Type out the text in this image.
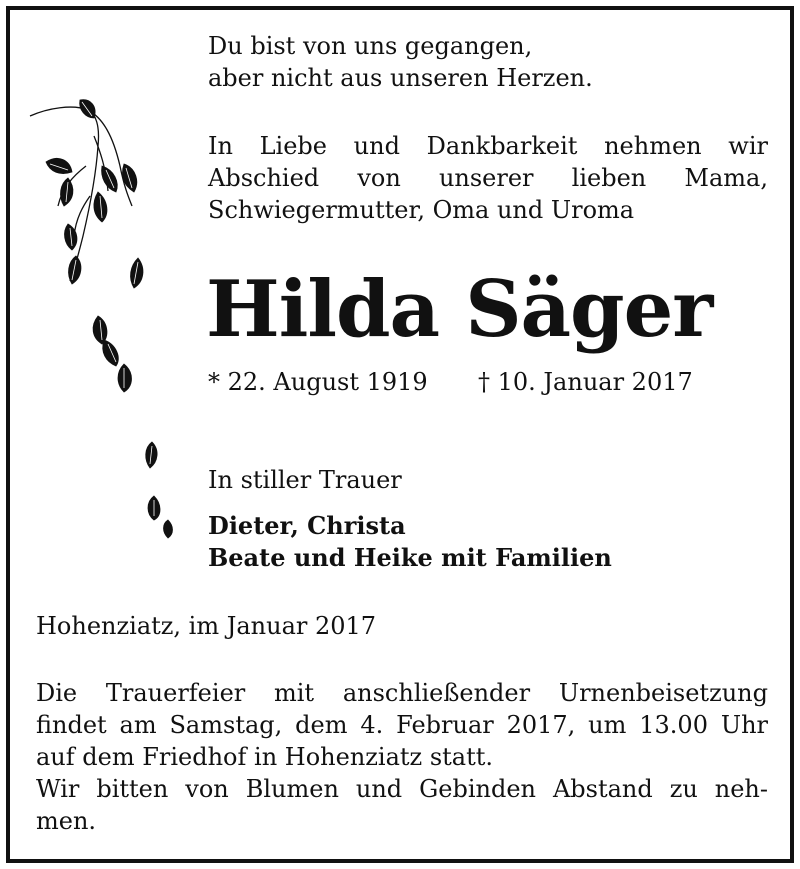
Du bist von uns gegangen,
aber nicht aus unseren Herzen.
In Liebe und Dankbarkeit nehmen wir
Abschied von unserer lieben Mama,
Schwiegermutter, Oma und Uroma
Hilda Säger
* 22. August 1919 † 10. Januar 2017
In stiller Trauer
Dieter, Christa
Beate und Heike mit Familien
Hohenziatz, im Januar 2017
Die Trauerfeier mit anschließender Urnenbeisetzung
findet am Samstag, dem 4. Februar 2017, um 13.00 Uhr
auf dem Friedhof in Hohenziatz statt.
Wir bitten von Blumen und Gebinden Abstand zu neh-
men.
